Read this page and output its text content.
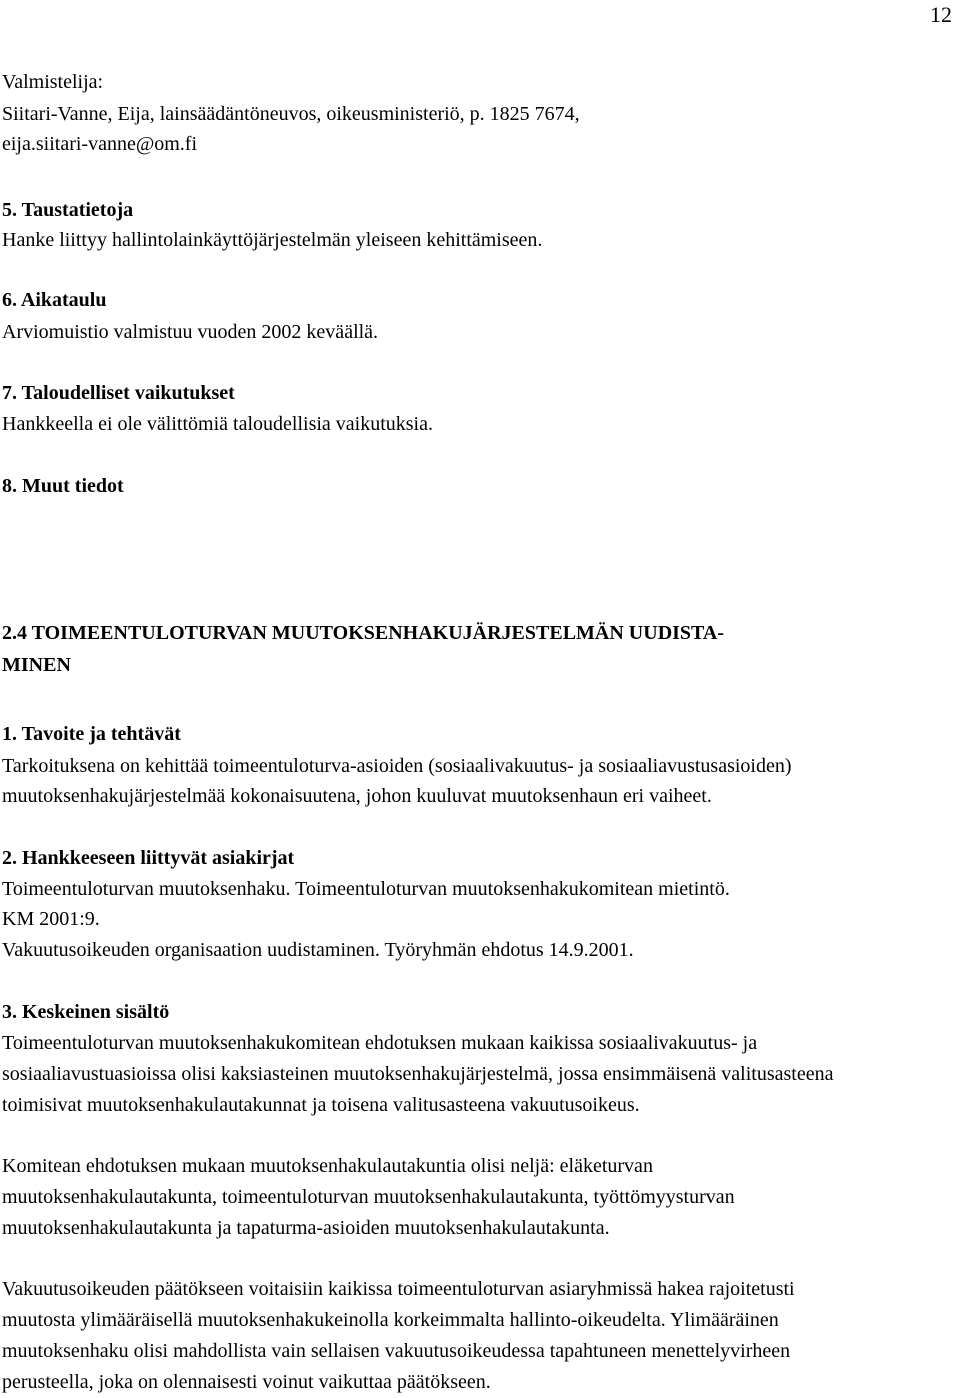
12
Valmistelija:
Siitari-Vanne, Eija, lainsäädäntöneuvos, oikeusministeriö, p. 1825 7674,
eija.siitari-vanne@om.fi
5. Taustatietoja
Hanke liittyy hallintolainkäyttöjärjestelmän yleiseen kehittämiseen.
6. Aikataulu
Arviomuistio valmistuu vuoden 2002 keväällä.
7. Taloudelliset vaikutukset
Hankkeella ei ole välittömiä taloudellisia vaikutuksia.
8. Muut tiedot
2.4 TOIMEENTULOTURVAN MUUTOKSENHAKUJÄRJESTELMÄN UUDISTA-
MINEN
1. Tavoite ja tehtävät
Tarkoituksena on kehittää toimeentuloturva-asioiden (sosiaalivakuutus- ja sosiaaliavustusasioiden)
muutoksenhakujärjestelmää kokonaisuutena, johon kuuluvat muutoksenhaun eri vaiheet.
2. Hankkeeseen liittyvät asiakirjat
Toimeentuloturvan muutoksenhaku. Toimeentuloturvan muutoksenhakukomitean mietintö.
KM 2001:9.
Vakuutusoikeuden organisaation uudistaminen. Työryhmän ehdotus 14.9.2001.
3. Keskeinen sisältö
Toimeentuloturvan muutoksenhakukomitean ehdotuksen mukaan kaikissa sosiaalivakuutus- ja
sosiaaliavustuasioissa olisi kaksiasteinen muutoksenhakujärjestelmä, jossa ensimmäisenä valitusasteena
toimisivat muutoksenhakulautakunnat ja toisena valitusasteena vakuutusoikeus.
Komitean ehdotuksen mukaan muutoksenhakulautakuntia olisi neljä: eläketurvan
muutoksenhakulautakunta, toimeentuloturvan muutoksenhakulautakunta, työttömyysturvan
muutoksenhakulautakunta ja tapaturma-asioiden muutoksenhakulautakunta.
Vakuutusoikeuden päätökseen voitaisiin kaikissa toimeentuloturvan asiaryhmissä hakea rajoitetusti
muutosta ylimääräisellä muutoksenhakukeinolla korkeimmalta hallinto-oikeudelta. Ylimääräinen
muutoksenhaku olisi mahdollista vain sellaisen vakuutusoikeudessa tapahtuneen menettelyvirheen
perusteella, joka on olennaisesti voinut vaikuttaa päätökseen.
